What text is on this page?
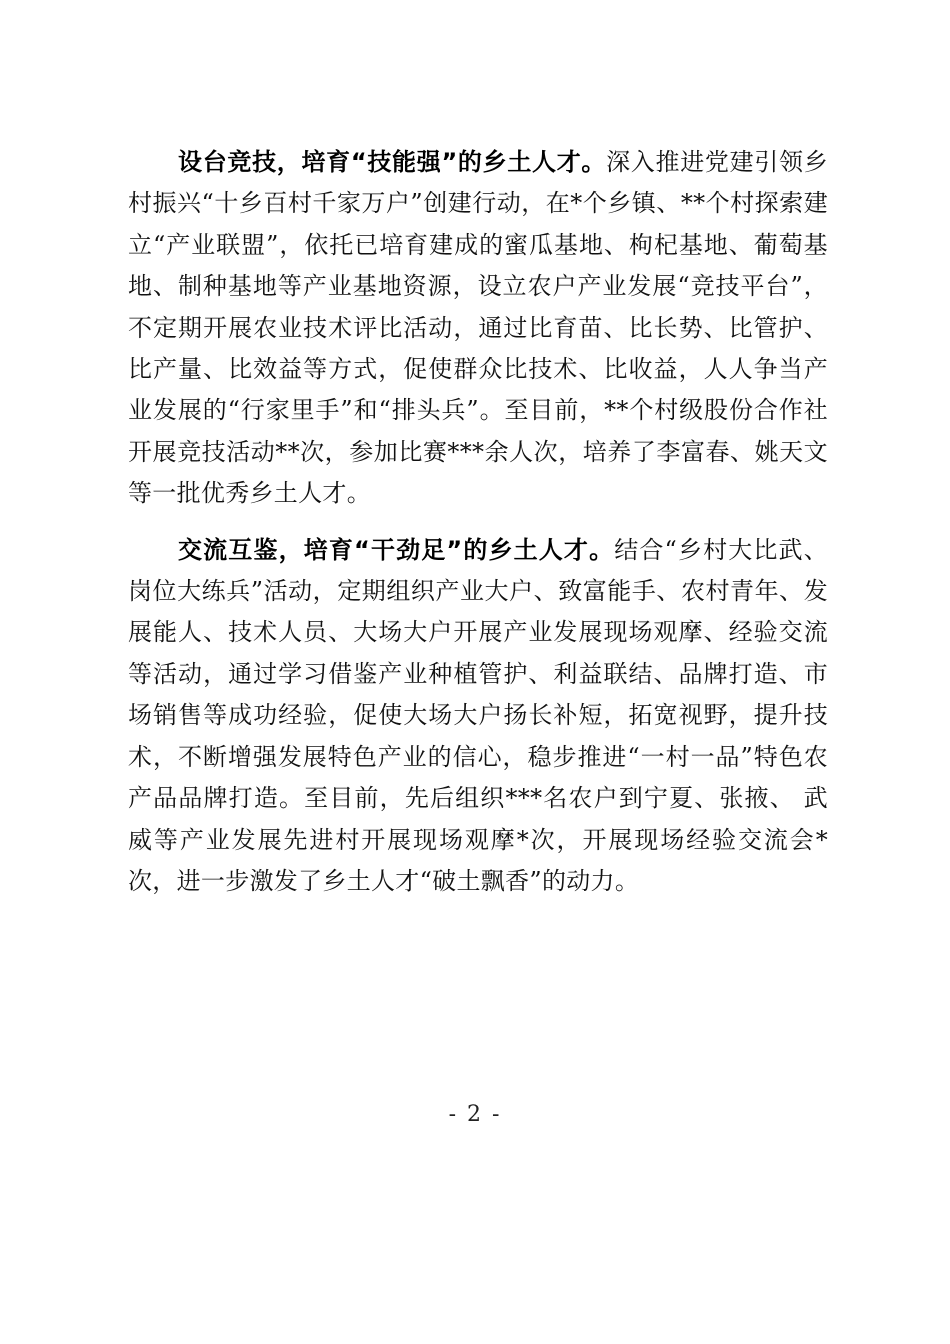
设台竞技，培育“技能强”的乡土人才。深入推进党建引领乡村振兴“十乡百村千家万户”创建行动，在*个乡镇、**个村探索建立“产业联盟”，依托已培育建成的蜜瓜基地、枸杞基地、葡萄基地、制种基地等产业基地资源，设立农户产业发展“竞技平台”，不定期开展农业技术评比活动，通过比育苗、比长势、比管护、比产量、比效益等方式，促使群众比技术、比收益，人人争当产业发展的“行家里手”和“排头兵”。至目前，**个村级股份合作社开展竞技活动**次，参加比赛***余人次，培养了李富春、姚天文等一批优秀乡土人才。

交流互鉴，培育“干劲足”的乡土人才。结合“乡村大比武、岗位大练兵”活动，定期组织产业大户、致富能手、农村青年、发展能人、技术人员、大场大户开展产业发展现场观摩、经验交流等活动，通过学习借鉴产业种植管护、利益联结、品牌打造、市场销售等成功经验，促使大场大户扬长补短，拓宽视野，提升技术，不断增强发展特色产业的信心，稳步推进“一村一品”特色农产品品牌打造。至目前，先后组织***名农户到宁夏、张掖、 武威等产业发展先进村开展现场观摩*次，开展现场经验交流会*次，进一步激发了乡土人才“破土飘香”的动力。

- 2 -
